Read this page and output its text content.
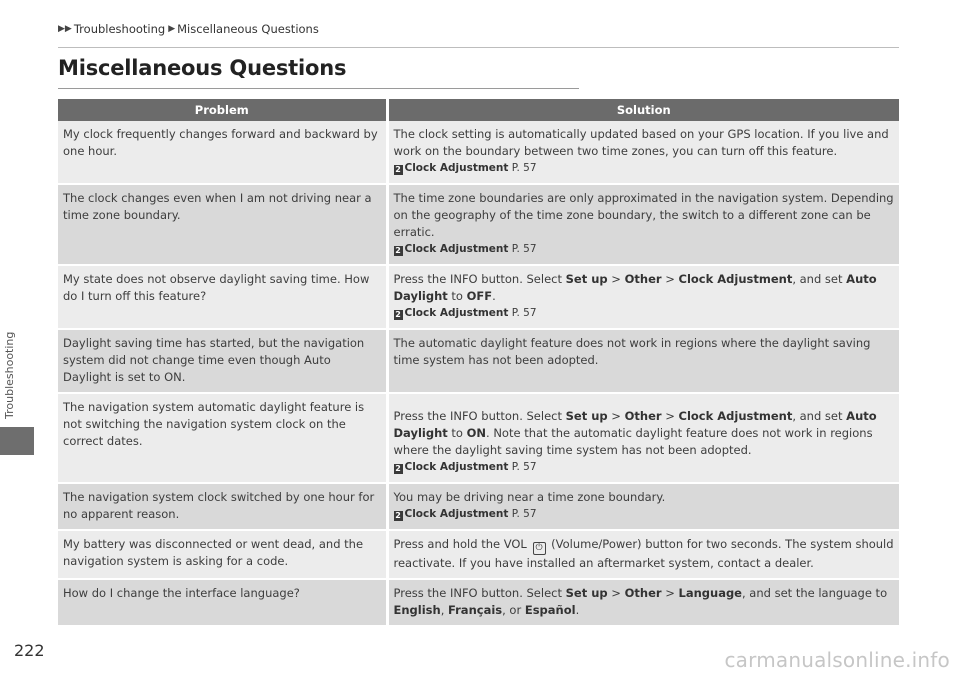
▶▶ Troubleshooting ▶ Miscellaneous Questions
Miscellaneous Questions
Troubleshooting
Problem	Solution
My clock frequently changes forward and backward by one hour.	The clock setting is automatically updated based on your GPS location. If you live and work on the boundary between two time zones, you can turn off this feature.
2 Clock Adjustment P. 57

The clock changes even when I am not driving near a time zone boundary.	The time zone boundaries are only approximated in the navigation system. Depending on the geography of the time zone boundary, the switch to a different zone can be erratic.
2 Clock Adjustment P. 57

My state does not observe daylight saving time. How do I turn off this feature?	Press the INFO button. Select Set up > Other > Clock Adjustment, and set Auto Daylight to OFF.
2 Clock Adjustment P. 57

Daylight saving time has started, but the navigation system did not change time even though Auto Daylight is set to ON.	The automatic daylight feature does not work in regions where the daylight saving time system has not been adopted.
The navigation system automatic daylight feature is not switching the navigation system clock on the correct dates.	Press the INFO button. Select Set up > Other > Clock Adjustment, and set Auto Daylight to ON. Note that the automatic daylight feature does not work in regions where the daylight saving time system has not been adopted.
2 Clock Adjustment P. 57

The navigation system clock switched by one hour for no apparent reason.	You may be driving near a time zone boundary.
2 Clock Adjustment P. 57

My battery was disconnected or went dead, and the navigation system is asking for a code.	Press and hold the VOL ⏻ (Volume/Power) button for two seconds. The system should reactivate. If you have installed an aftermarket system, contact a dealer.
How do I change the interface language?	Press the INFO button. Select Set up > Other > Language, and set the language to English, Français, or Español.
222	carmanualsonline.info
